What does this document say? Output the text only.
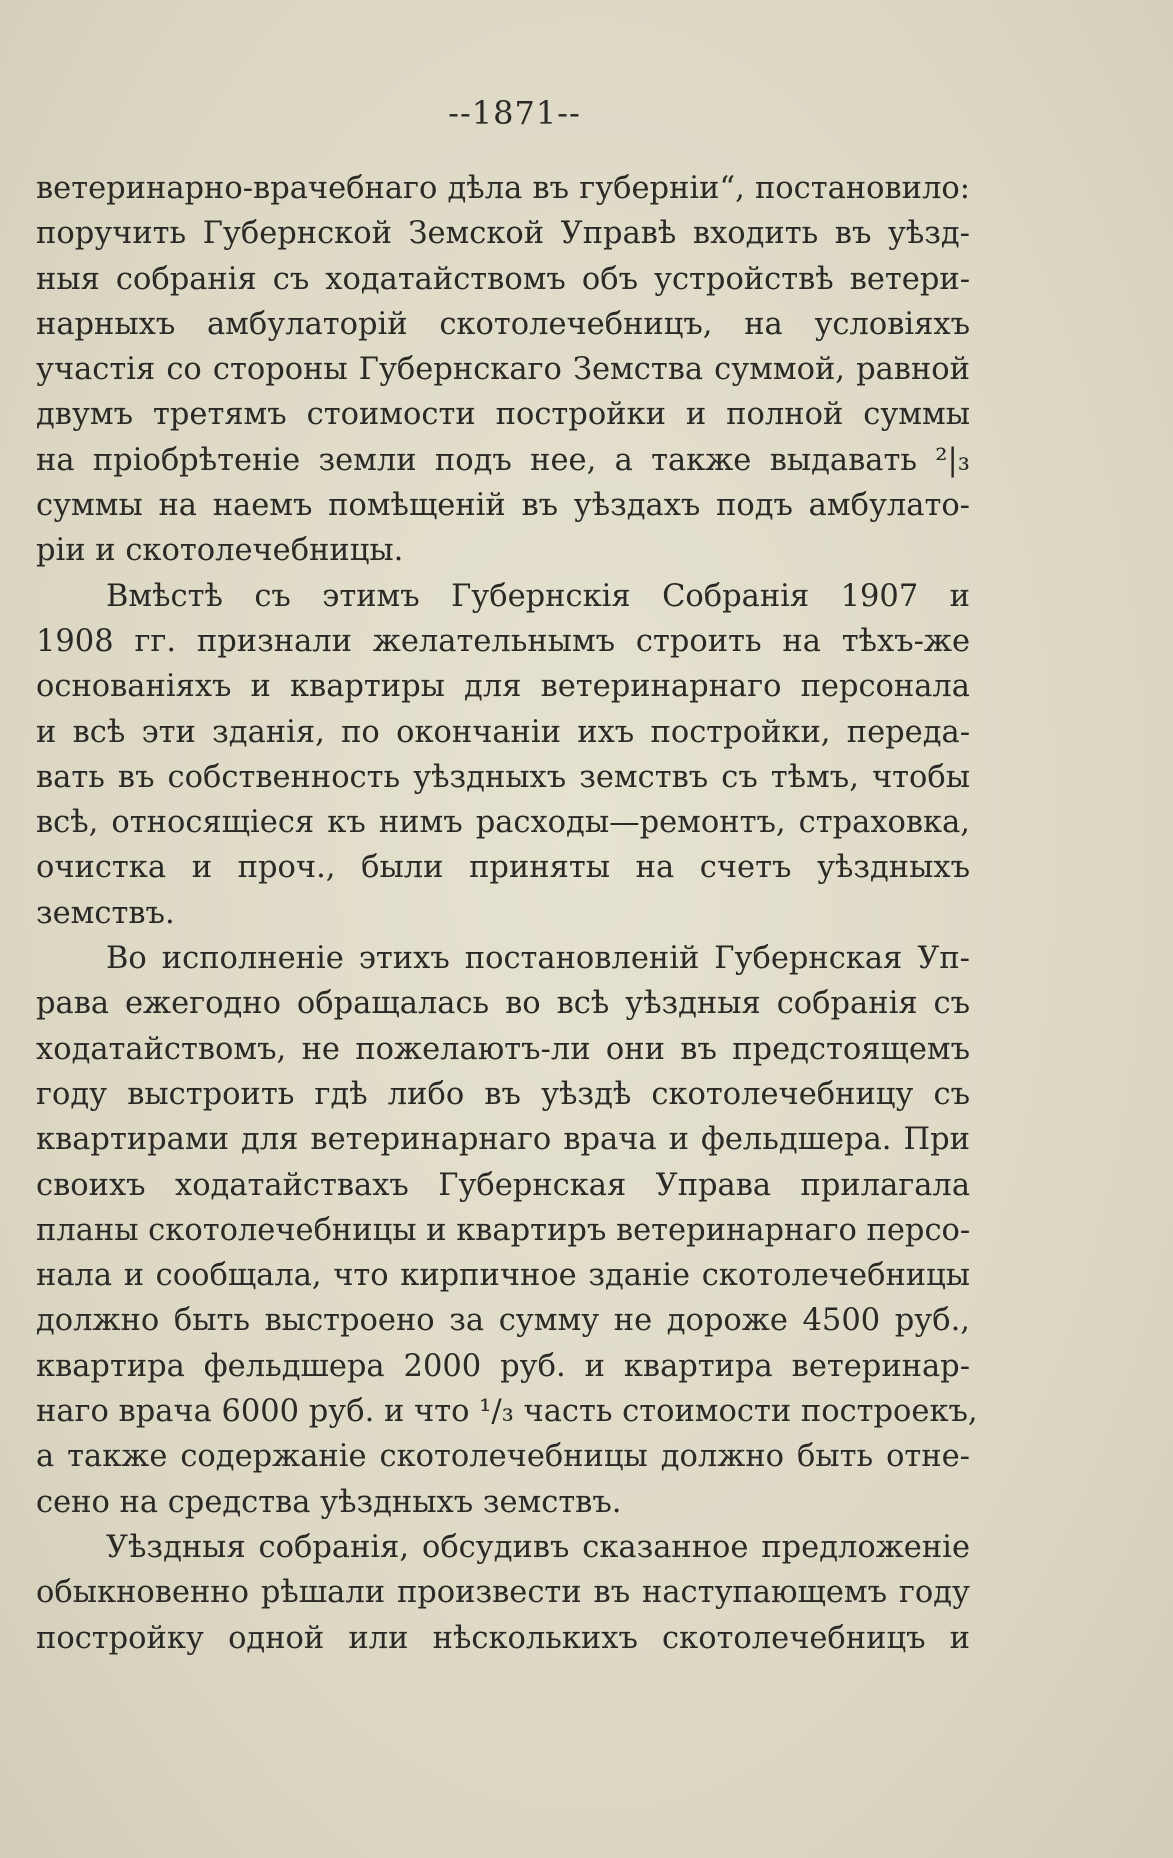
--1871--
ветеринарно-врачебнаго дѣла въ губерніи“, постановило:
поручить Губернской Земской Управѣ входить въ уѣзд-
ныя собранія съ ходатайствомъ объ устройствѣ ветери-
нарныхъ амбулаторій скотолечебницъ, на условіяхъ
участія со стороны Губернскаго Земства суммой, равной
двумъ третямъ стоимости постройки и полной суммы
на пріобрѣтеніе земли подъ нее, а также выдавать ²|₃
суммы на наемъ помѣщеній въ уѣздахъ подъ амбулато-
ріи и скотолечебницы.
Вмѣстѣ съ этимъ Губернскія Собранія 1907 и
1908 гг. признали желательнымъ строить на тѣхъ-же
основаніяхъ и квартиры для ветеринарнаго персонала
и всѣ эти зданія, по окончаніи ихъ постройки, переда-
вать въ собственность уѣздныхъ земствъ съ тѣмъ, чтобы
всѣ, относящіеся къ нимъ расходы—ремонтъ, страховка,
очистка и проч., были приняты на счетъ уѣздныхъ
земствъ.
Во исполненіе этихъ постановленій Губернская Уп-
рава ежегодно обращалась во всѣ уѣздныя собранія съ
ходатайствомъ, не пожелаютъ-ли они въ предстоящемъ
году выстроить гдѣ либо въ уѣздѣ скотолечебницу съ
квартирами для ветеринарнаго врача и фельдшера. При
своихъ ходатайствахъ Губернская Управа прилагала
планы скотолечебницы и квартиръ ветеринарнаго персо-
нала и сообщала, что кирпичное зданіе скотолечебницы
должно быть выстроено за сумму не дороже 4500 руб.,
квартира фельдшера 2000 руб. и квартира ветеринар-
наго врача 6000 руб. и что ¹/₃ часть стоимости построекъ,
а также содержаніе скотолечебницы должно быть отне-
сено на средства уѣздныхъ земствъ.
Уѣздныя собранія, обсудивъ сказанное предложеніе
обыкновенно рѣшали произвести въ наступающемъ году
постройку одной или нѣсколькихъ скотолечебницъ и
